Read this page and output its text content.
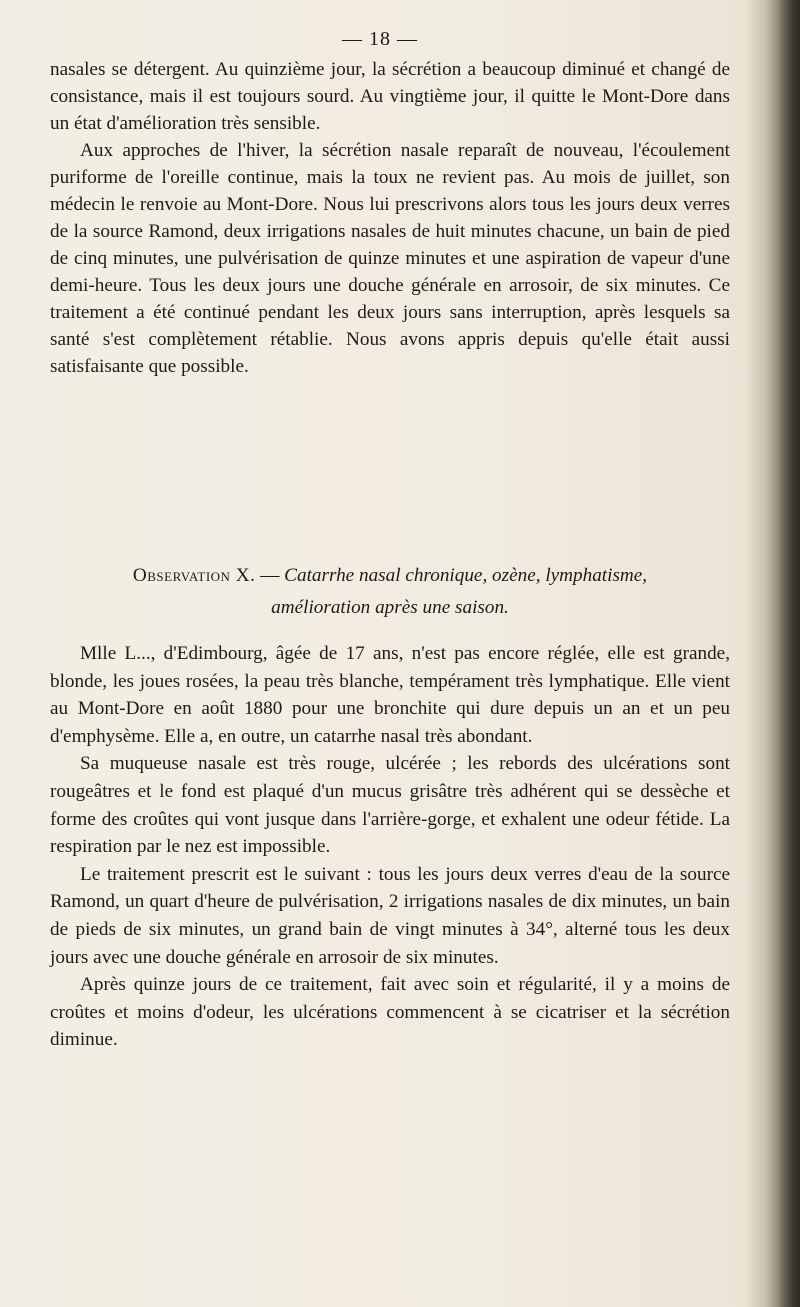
— 18 —

nasales se détergent. Au quinzième jour, la sécrétion a beaucoup diminué et changé de consistance, mais il est toujours sourd. Au vingtième jour, il quitte le Mont-Dore dans un état d'amélioration très sensible.

Aux approches de l'hiver, la sécrétion nasale reparaît de nouveau, l'écoulement puriforme de l'oreille continue, mais la toux ne revient pas. Au mois de juillet, son médecin le renvoie au Mont-Dore. Nous lui prescrivons alors tous les jours deux verres de la source Ramond, deux irrigations nasales de huit minutes chacune, un bain de pied de cinq minutes, une pulvérisation de quinze minutes et une aspiration de vapeur d'une demi-heure. Tous les deux jours une douche générale en arrosoir, de six minutes. Ce traitement a été continué pendant les deux jours sans interruption, après lesquels sa santé s'est complètement rétablie. Nous avons appris depuis qu'elle était aussi satisfaisante que possible.

Observation X. — Catarrhe nasal chronique, ozène, lymphatisme,
amélioration après une saison.

Mlle L..., d'Edimbourg, âgée de 17 ans, n'est pas encore réglée, elle est grande, blonde, les joues rosées, la peau très blanche, tempérament très lymphatique. Elle vient au Mont-Dore en août 1880 pour une bronchite qui dure depuis un an et un peu d'emphysème. Elle a, en outre, un catarrhe nasal très abondant.

Sa muqueuse nasale est très rouge, ulcérée ; les rebords des ulcérations sont rougeâtres et le fond est plaqué d'un mucus grisâtre très adhérent qui se dessèche et forme des croûtes qui vont jusque dans l'arrière-gorge, et exhalent une odeur fétide. La respiration par le nez est impossible.

Le traitement prescrit est le suivant : tous les jours deux verres d'eau de la source Ramond, un quart d'heure de pulvérisation, 2 irrigations nasales de dix minutes, un bain de pieds de six minutes, un grand bain de vingt minutes à 34°, alterné tous les deux jours avec une douche générale en arrosoir de six minutes.

Après quinze jours de ce traitement, fait avec soin et régularité, il y a moins de croûtes et moins d'odeur, les ulcérations commencent à se cicatriser et la sécrétion diminue.
